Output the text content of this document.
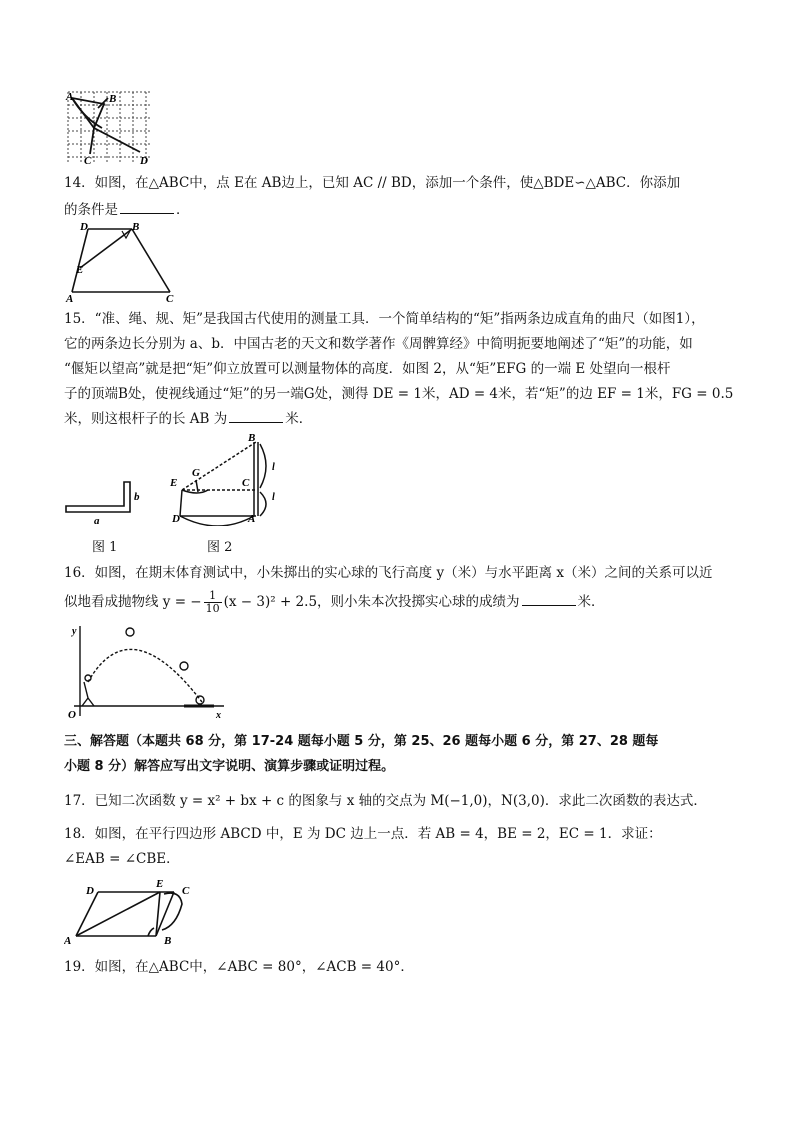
A	B
C	D
14．如图，在△ABC中，点 E在 AB边上，已知 AC // BD，添加一个条件，使△BDE∽△ABC．你添加
的条件是	．
D	B
E
A	C
15．“准、绳、规、矩”是我国古代使用的测量工具．一个简单结构的“矩”指两条边成直角的曲尺（如图1），
它的两条边长分别为 a、b．中国古老的天文和数学著作《周髀算经》中简明扼要地阐述了“矩”的功能，如
“偃矩以望高”就是把“矩”仰立放置可以测量物体的高度．如图 2，从“矩”EFG 的一端 E 处望向一根杆
子的顶端B处，使视线通过“矩”的另一端G处，测得 DE = 1米，AD = 4米，若“矩”的边 EF = 1米，FG = 0.5
米，则这根杆子的长 AB 为	米．
a
b
图 1
B
G
E	C
D	A
l
l
图 2
16．如图，在期末体育测试中，小朱掷出的实心球的飞行高度 y（米）与水平距离 x（米）之间的关系可以近
似地看成抛物线 y = − $\frac{1}{10} (x - 3)^2 + 2.5$，则小朱本次投掷实心球的成绩为	米．
y
O	x
三、解答题（本题共 68 分，第 17-24 题每小题 5 分，第 25、26 题每小题 6 分，第 27、28 题每
小题 8 分）解答应写出文字说明、演算步骤或证明过程。
17．已知二次函数 y = x² + bx + c 的图象与 x 轴的交点为 M(−1,0)，N(3,0)．求此二次函数的表达式．
18．如图，在平行四边形 ABCD 中，E 为 DC 边上一点．若 AB = 4，BE = 2，EC = 1．求证：
∠EAB = ∠CBE．
D
E
C
A	B
19．如图，在△ABC中，∠ABC = 80°，∠ACB = 40°．
